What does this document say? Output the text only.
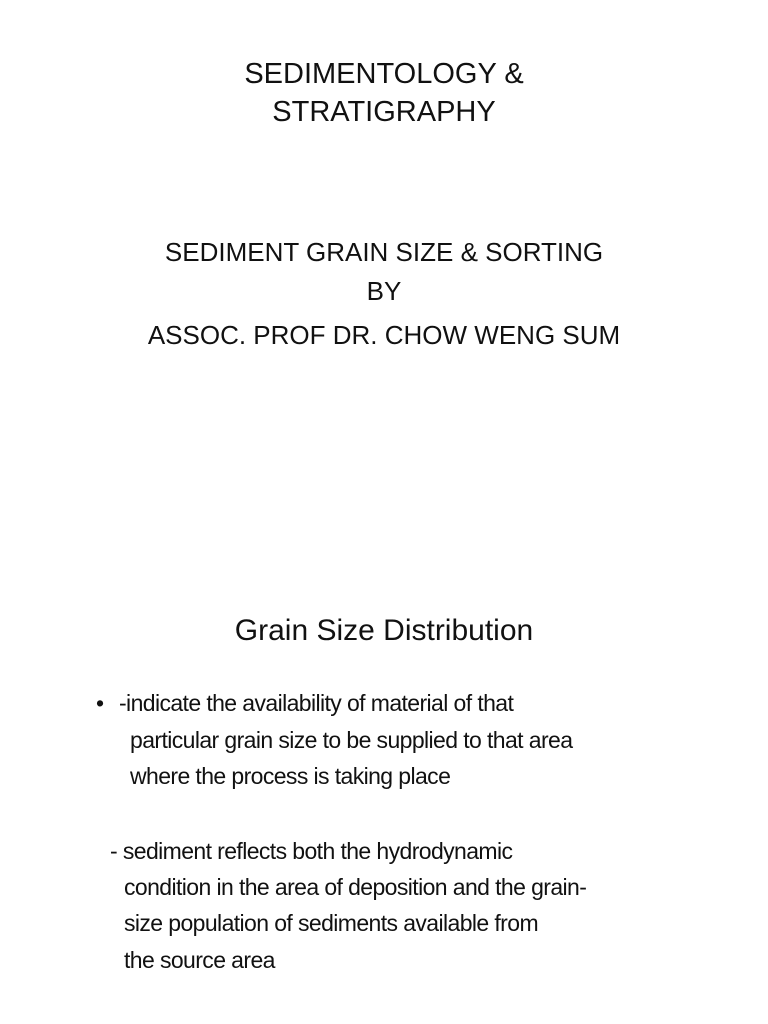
SEDIMENTOLOGY &
STRATIGRAPHY
SEDIMENT GRAIN SIZE & SORTING
BY
ASSOC. PROF DR. CHOW WENG SUM
Grain Size Distribution
• -indicate the availability of material of that
particular grain size to be supplied to that area
where the process is taking place
- sediment reflects both the hydrodynamic
condition in the area of deposition and the grain-
size population of sediments available from
the source area
